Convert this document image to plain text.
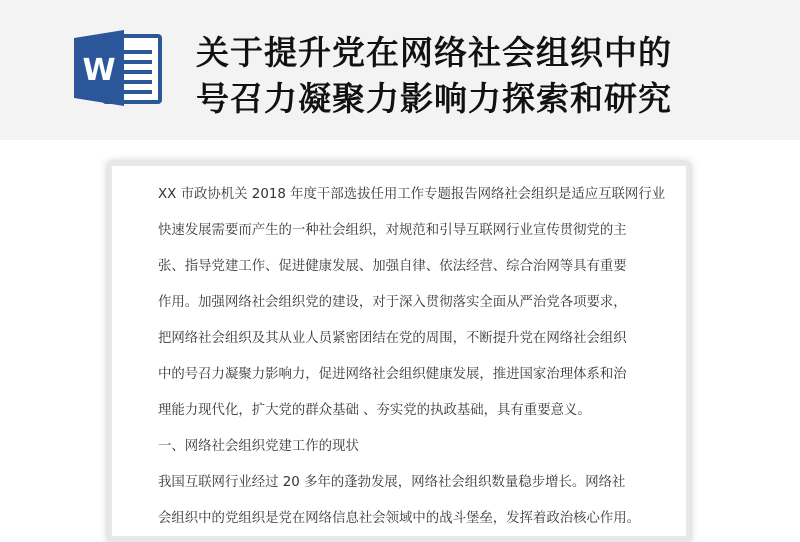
W 关于提升党在网络社会组织中的
号召力凝聚力影响力探索和研究
XX 市政协机关 2018 年度干部选拔任用工作专题报告网络社会组织是适应互联网行业
快速发展需要而产生的一种社会组织，对规范和引导互联网行业宣传贯彻党的主
张、指导党建工作、促进健康发展、加强自律、依法经营、综合治网等具有重要
作用。加强网络社会组织党的建设，对于深入贯彻落实全面从严治党各项要求，
把网络社会组织及其从业人员紧密团结在党的周围，不断提升党在网络社会组织
中的号召力凝聚力影响力，促进网络社会组织健康发展，推进国家治理体系和治
理能力现代化，扩大党的群众基础 、夯实党的执政基础，具有重要意义。
一、网络社会组织党建工作的现状
我国互联网行业经过 20 多年的蓬勃发展，网络社会组织数量稳步增长。网络社
会组织中的党组织是党在网络信息社会领域中的战斗堡垒，发挥着政治核心作用。
